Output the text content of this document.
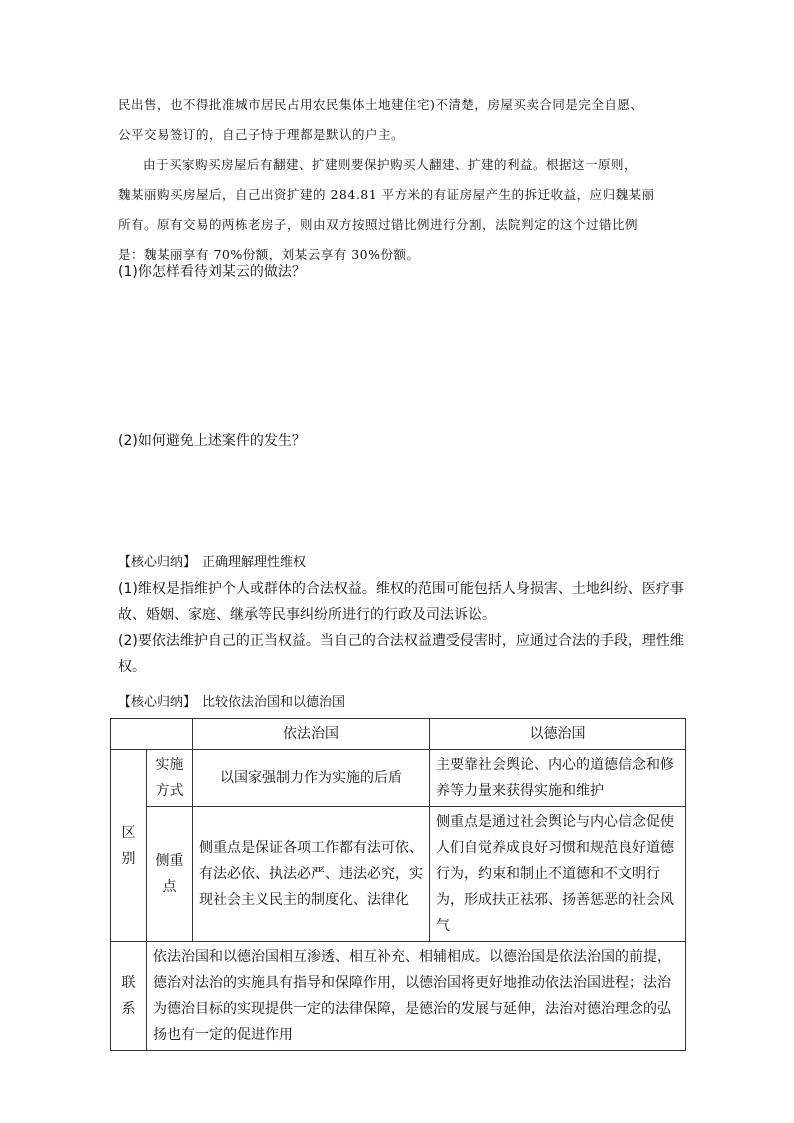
民出售，也不得批准城市居民占用农民集体土地建住宅)不清楚，房屋买卖合同是完全自愿、

公平交易签订的，自己子恃于理都是默认的户主。

由于买家购买房屋后有翻建、扩建则要保护购买人翻建、扩建的利益。根据这一原则，

魏某丽购买房屋后，自己出资扩建的 284.81 平方米的有证房屋产生的拆迁收益，应归魏某丽

所有。原有交易的两栋老房子，则由双方按照过错比例进行分割，法院判定的这个过错比例

是：魏某丽享有 70%份额，刘某云享有 30%份额。

(1)你怎样看待刘某云的做法？
(2)如何避免上述案件的发生？

【核心归纳】 正确理解理性维权

(1)维权是指维护个人或群体的合法权益。维权的范围可能包括人身损害、土地纠纷、医疗事故、婚姻、家庭、继承等民事纠纷所进行的行政及司法诉讼。

(2)要依法维护自己的正当权益。当自己的合法权益遭受侵害时，应通过合法的手段，理性维权。

【核心归纳】 比较依法治国和以德治国

		依法治国	以德治国
区别	实施方式	以国家强制力作为实施的后盾	主要靠社会舆论、内心的道德信念和修养等力量来获得实施和维护
	侧重点	侧重点是保证各项工作都有法可依、有法必依、执法必严、违法必究，实现社会主义民主的制度化、法律化	侧重点是通过社会舆论与内心信念促使人们自觉养成良好习惯和规范良好道德行为，约束和制止不道德和不文明行为，形成扶正祛邪、扬善惩恶的社会风气
联系	依法治国和以德治国相互渗透、相互补充、相辅相成。以德治国是依法治国的前提，德治对法治的实施具有指导和保障作用，以德治国将更好地推动依法治国进程；法治为德治目标的实现提供一定的法律保障，是德治的发展与延伸，法治对德治理念的弘扬也有一定的促进作用		
